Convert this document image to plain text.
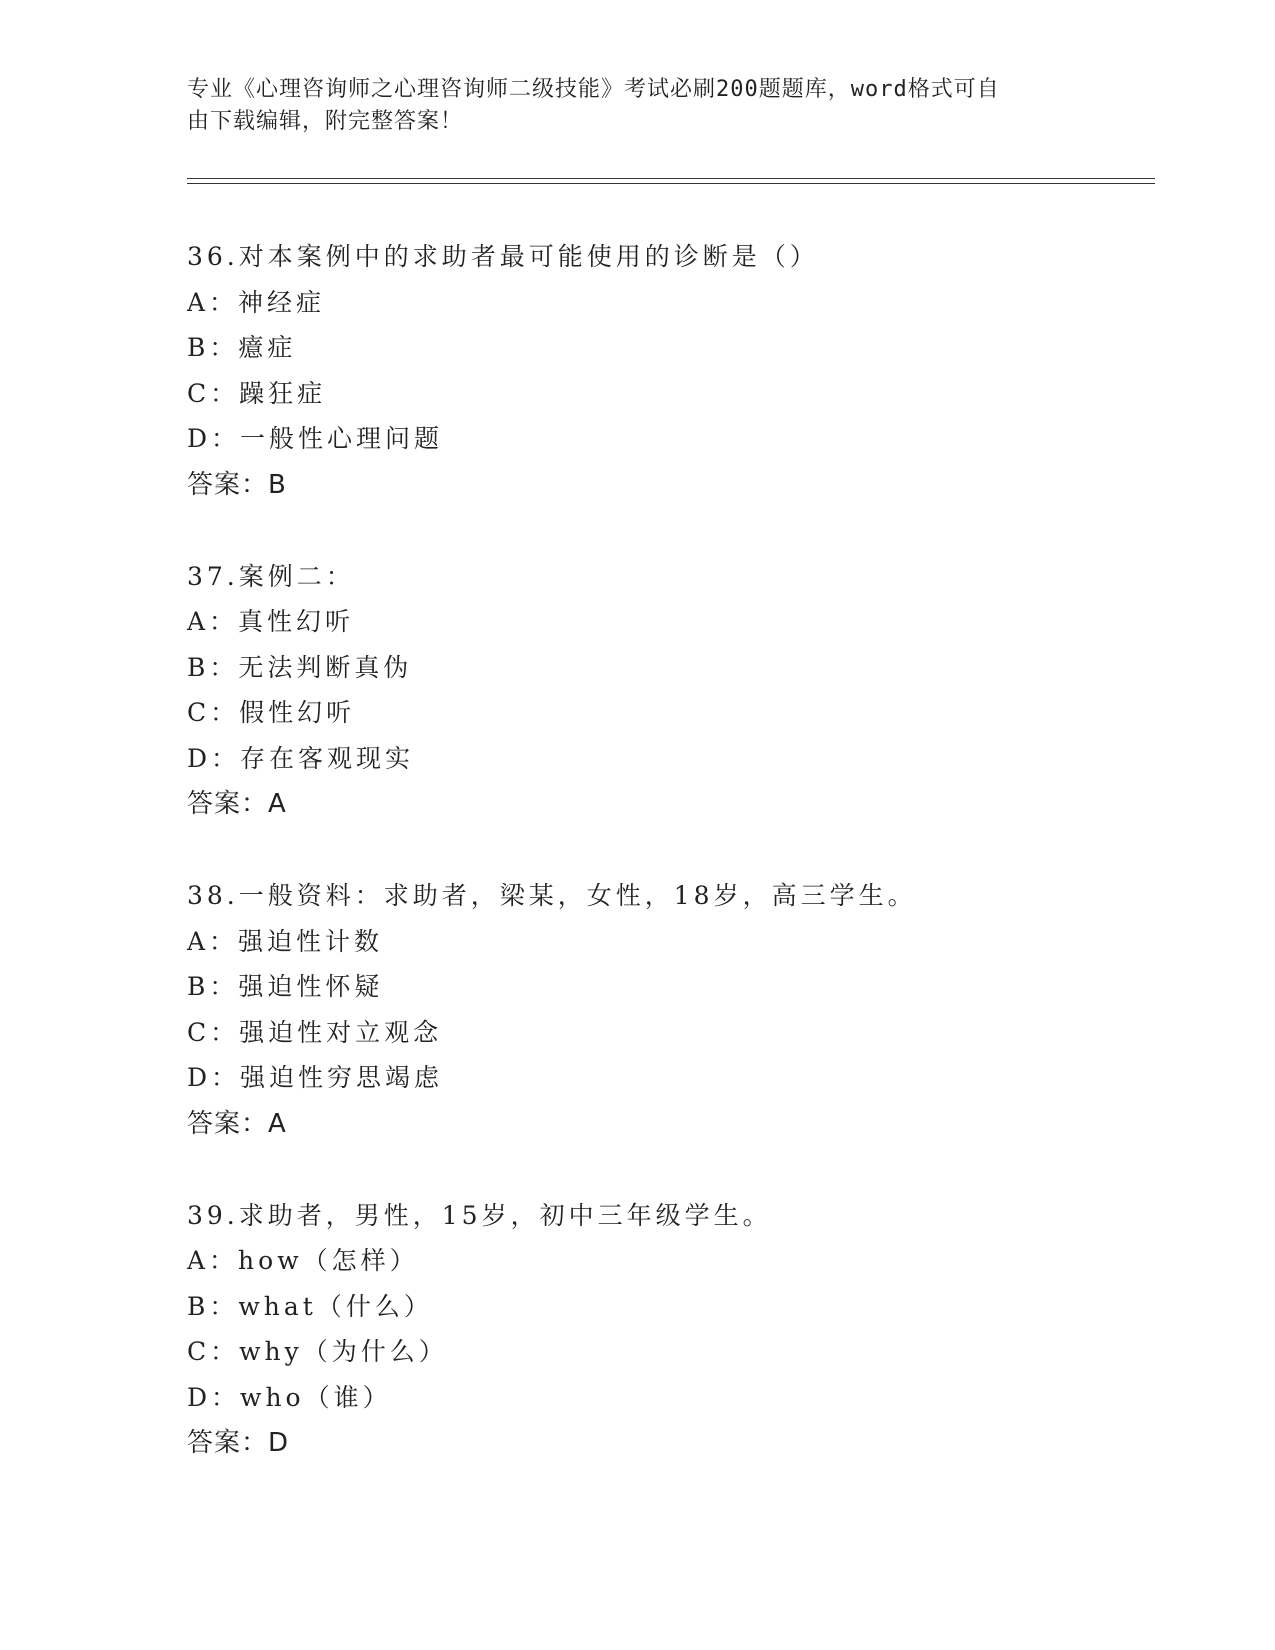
专业《心理咨询师之心理咨询师二级技能》考试必刷200题题库，word格式可自
由下载编辑，附完整答案！
36.对本案例中的求助者最可能使用的诊断是（）
A：神经症
B：癔症
C：躁狂症
D：一般性心理问题
答案：B
37.案例二：
A：真性幻听
B：无法判断真伪
C：假性幻听
D：存在客观现实
答案：A
38.一般资料：求助者，梁某，女性，18岁，高三学生。
A：强迫性计数
B：强迫性怀疑
C：强迫性对立观念
D：强迫性穷思竭虑
答案：A
39.求助者，男性，15岁，初中三年级学生。
A：how（怎样）
B：what（什么）
C：why（为什么）
D：who（谁）
答案：D
